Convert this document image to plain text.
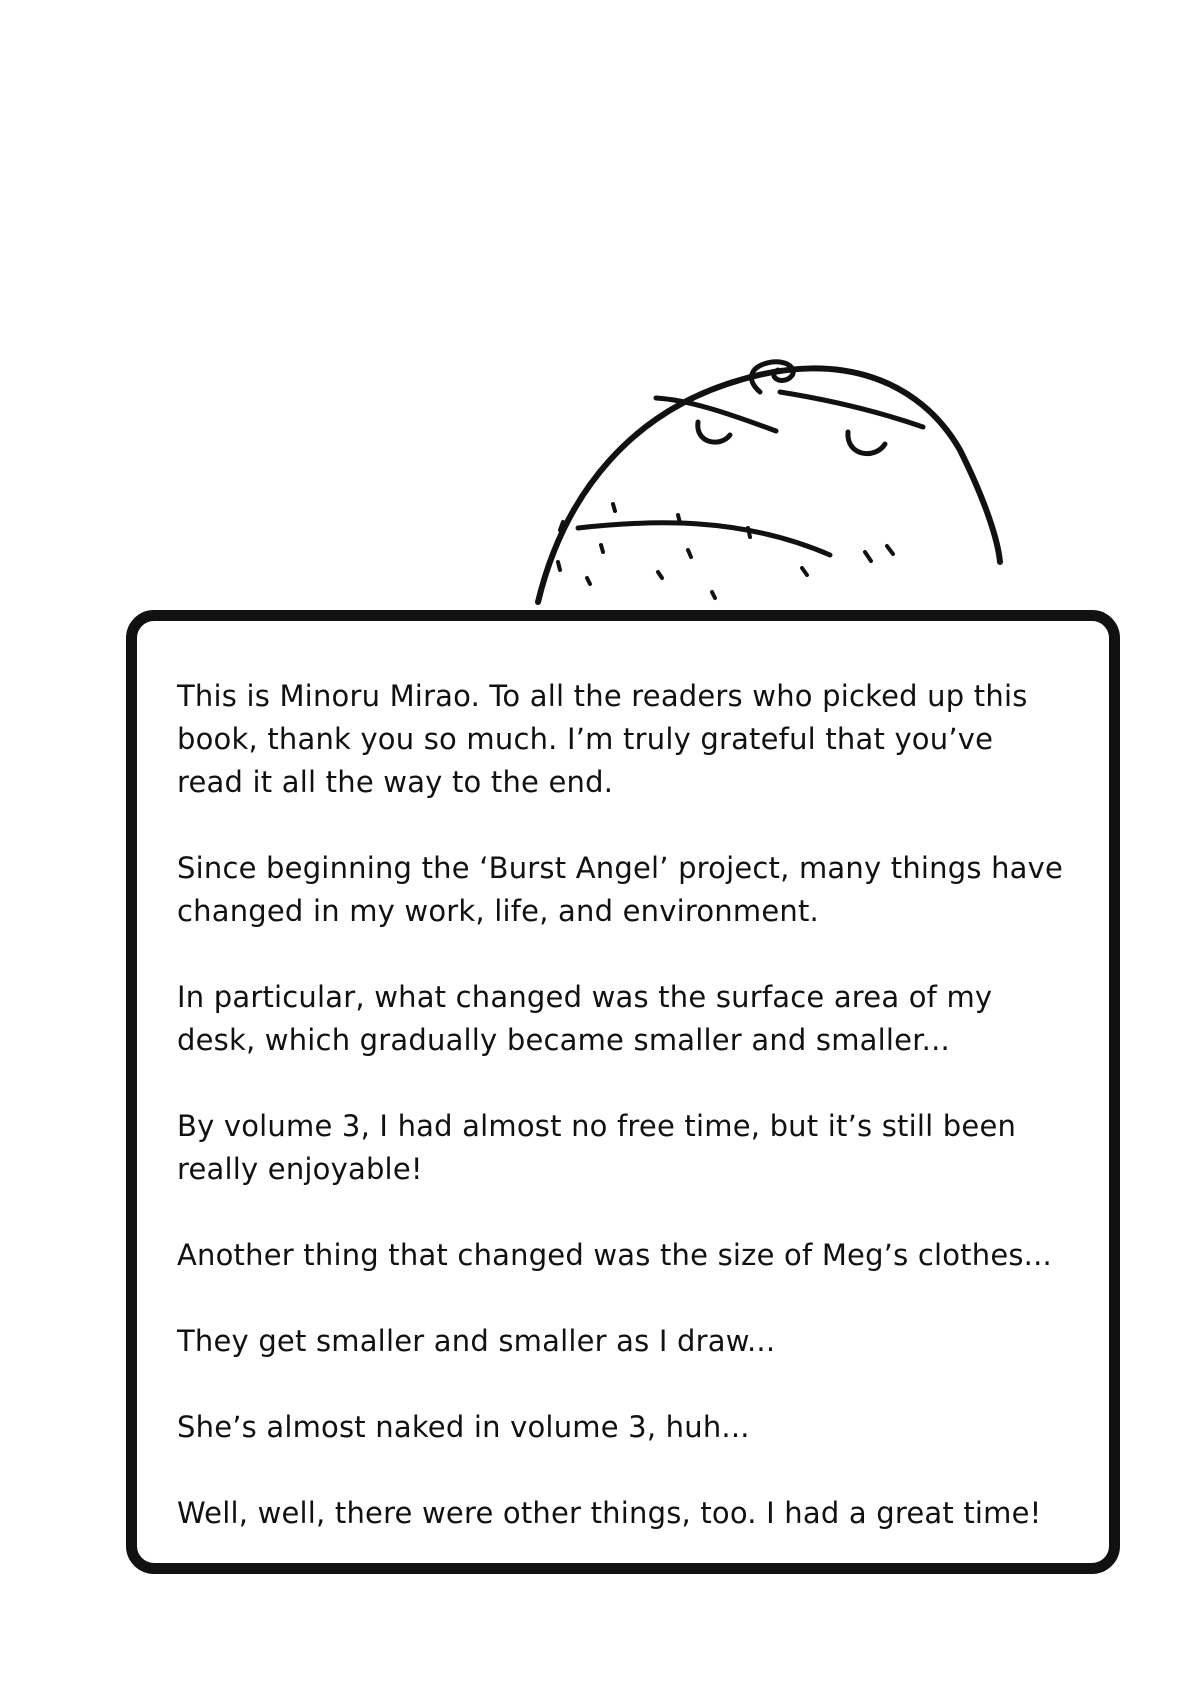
This is Minoru Mirao. To all the readers who picked up this
book, thank you so much. I’m truly grateful that you’ve
read it all the way to the end.

Since beginning the ‘Burst Angel’ project, many things have
changed in my work, life, and environment.

In particular, what changed was the surface area of my
desk, which gradually became smaller and smaller...

By volume 3, I had almost no free time, but it’s still been
really enjoyable!

Another thing that changed was the size of Meg’s clothes...

They get smaller and smaller as I draw...

She’s almost naked in volume 3, huh...

Well, well, there were other things, too. I had a great time!
